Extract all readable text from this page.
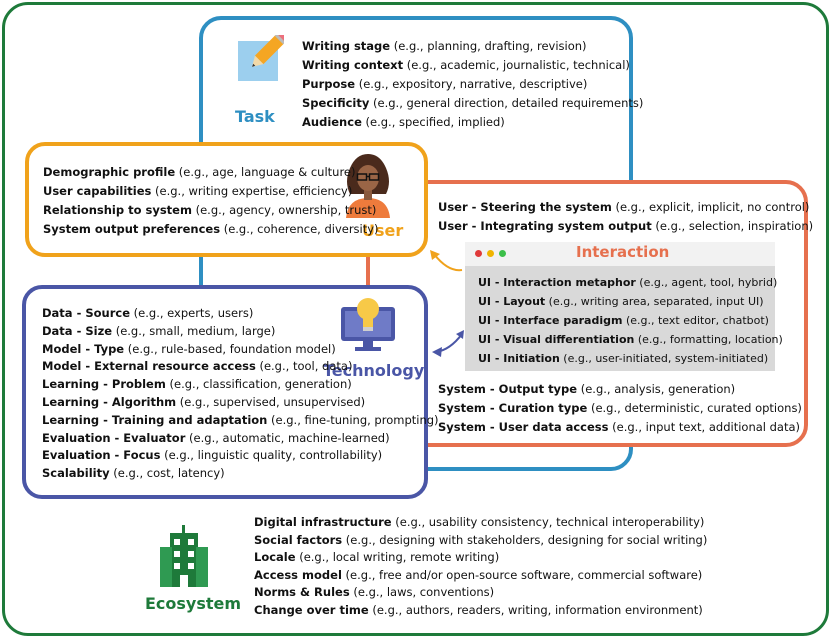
Task
Writing stage (e.g., planning, drafting, revision)
Writing context (e.g., academic, journalistic, technical)
Purpose (e.g., expository, narrative, descriptive)
Specificity (e.g., general direction, detailed requirements)
Audience (e.g., specified, implied)
User
Demographic profile (e.g., age, language & culture)
User capabilities (e.g., writing expertise, efficiency)
Relationship to system (e.g., agency, ownership, trust)
System output preferences (e.g., coherence, diversity)
User - Steering the system (e.g., explicit, implicit, no control)
User - Integrating system output (e.g., selection, inspiration)
Interaction
UI - Interaction metaphor (e.g., agent, tool, hybrid)
UI - Layout (e.g., writing area, separated, input UI)
UI - Interface paradigm (e.g., text editor, chatbot)
UI - Visual differentiation (e.g., formatting, location)
UI - Initiation (e.g., user-initiated, system-initiated)
System - Output type (e.g., analysis, generation)
System - Curation type (e.g., deterministic, curated options)
System - User data access (e.g., input text, additional data)
Technology
Data - Source (e.g., experts, users)
Data - Size (e.g., small, medium, large)
Model - Type (e.g., rule-based, foundation model)
Model - External resource access (e.g., tool, data)
Learning - Problem (e.g., classification, generation)
Learning - Algorithm (e.g., supervised, unsupervised)
Learning - Training and adaptation (e.g., fine-tuning, prompting)
Evaluation - Evaluator (e.g., automatic, machine-learned)
Evaluation - Focus (e.g., linguistic quality, controllability)
Scalability (e.g., cost, latency)
Ecosystem
Digital infrastructure (e.g., usability consistency, technical interoperability)
Social factors (e.g., designing with stakeholders, designing for social writing)
Locale (e.g., local writing, remote writing)
Access model (e.g., free and/or open-source software, commercial software)
Norms & Rules (e.g., laws, conventions)
Change over time (e.g., authors, readers, writing, information environment)
